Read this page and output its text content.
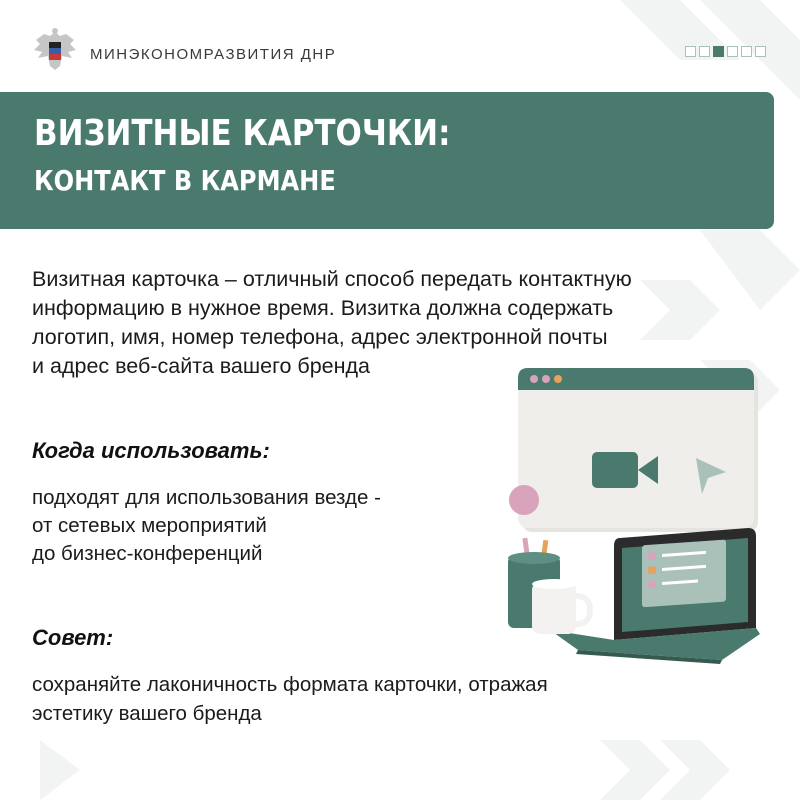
МИНЭКОНОМРАЗВИТИЯ ДНР
ВИЗИТНЫЕ КАРТОЧКИ:
КОНТАКТ В КАРМАНЕ
Визитная карточка – отличный способ передать контактную
информацию в нужное время. Визитка должна содержать
логотип, имя, номер телефона, адрес электронной почты
и адрес веб-сайта вашего бренда
Когда использовать:
подходят для использования везде -
от сетевых мероприятий
до бизнес-конференций
Совет:
сохраняйте лаконичность формата карточки, отражая
эстетику вашего бренда
